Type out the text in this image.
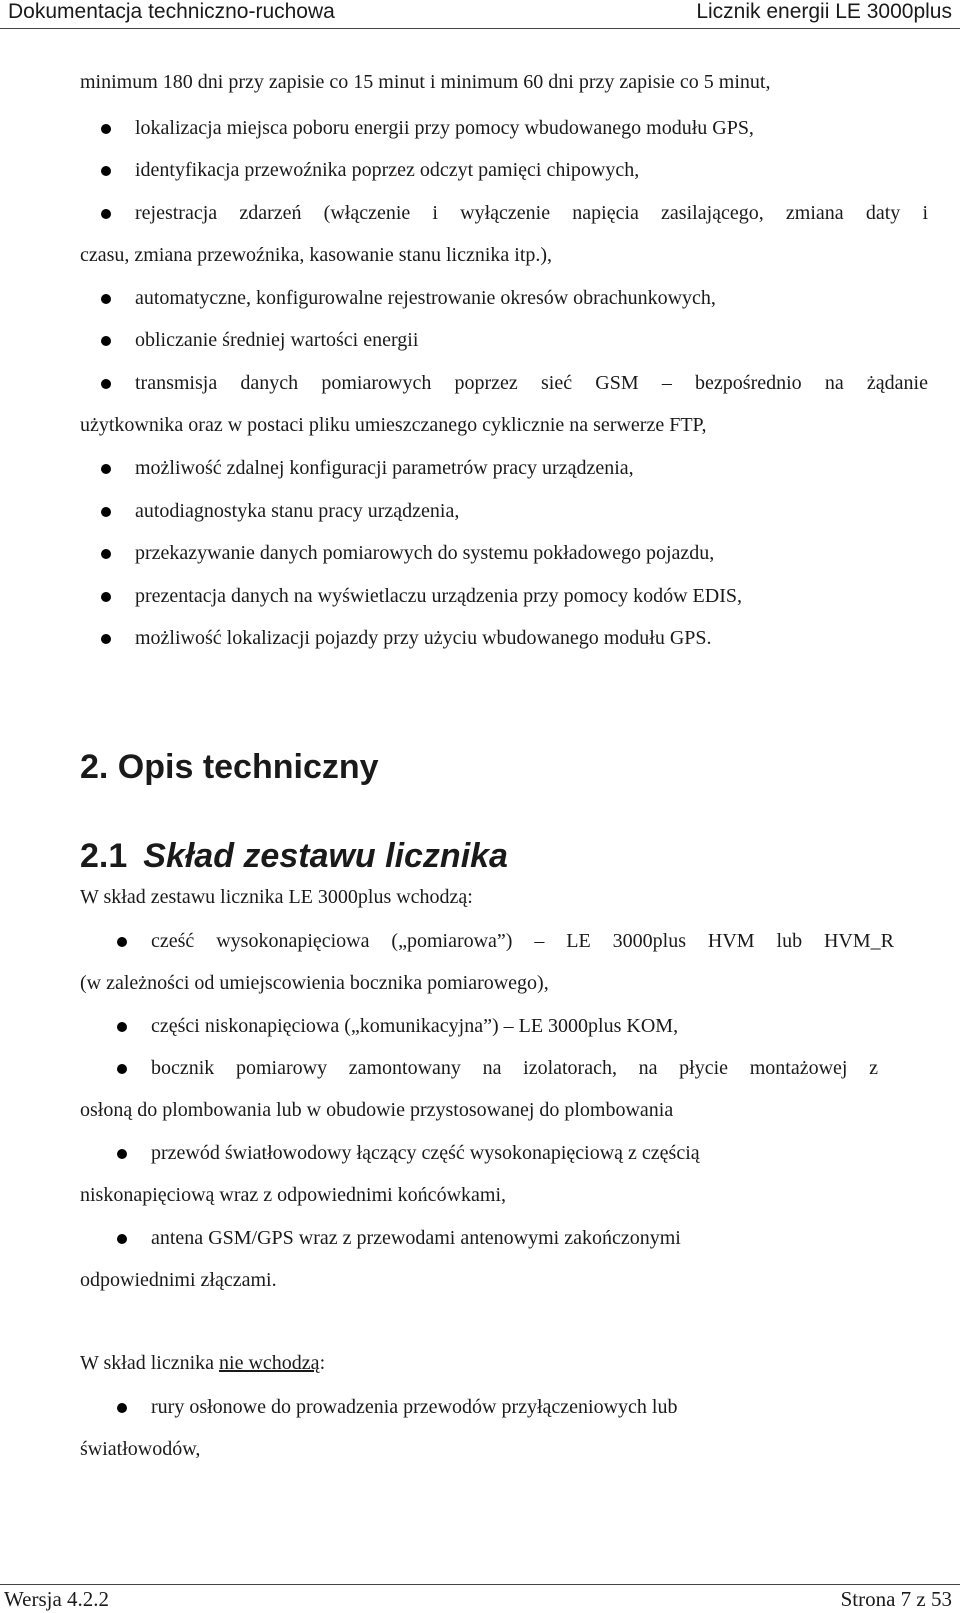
Dokumentacja techniczno-ruchowa	Licznik energii LE 3000plus
minimum 180 dni przy zapisie co 15 minut i minimum 60 dni przy zapisie co 5 minut,
lokalizacja miejsca poboru energii przy pomocy wbudowanego modułu GPS,
identyfikacja przewoźnika poprzez odczyt pamięci chipowych,
rejestracja zdarzeń (włączenie i wyłączenie napięcia zasilającego, zmiana daty i
czasu, zmiana przewoźnika, kasowanie stanu licznika itp.),
automatyczne, konfigurowalne rejestrowanie okresów obrachunkowych,
obliczanie średniej wartości energii
transmisja danych pomiarowych poprzez sieć GSM – bezpośrednio na żądanie
użytkownika oraz w postaci pliku umieszczanego cyklicznie na serwerze FTP,
możliwość zdalnej konfiguracji parametrów pracy urządzenia,
autodiagnostyka stanu pracy urządzenia,
przekazywanie danych pomiarowych do systemu pokładowego pojazdu,
prezentacja danych na wyświetlaczu urządzenia przy pomocy kodów EDIS,
możliwość lokalizacji pojazdy przy użyciu wbudowanego modułu GPS.
2. Opis techniczny
2.1 Skład zestawu licznika
W skład zestawu licznika LE 3000plus wchodzą:
cześć wysokonapięciowa („pomiarowa”) – LE 3000plus HVM lub HVM_R
(w zależności od umiejscowienia bocznika pomiarowego),
części niskonapięciowa („komunikacyjna”) – LE 3000plus KOM,
bocznik pomiarowy zamontowany na izolatorach, na płycie montażowej z
osłoną do plombowania lub w obudowie przystosowanej do plombowania
przewód światłowodowy łączący część wysokonapięciową z częścią
niskonapięciową wraz z odpowiednimi końcówkami,
antena GSM/GPS wraz z przewodami antenowymi zakończonymi
odpowiednimi złączami.
W skład licznika nie wchodzą:
rury osłonowe do prowadzenia przewodów przyłączeniowych lub
światłowodów,
Wersja 4.2.2	Strona 7 z 53
